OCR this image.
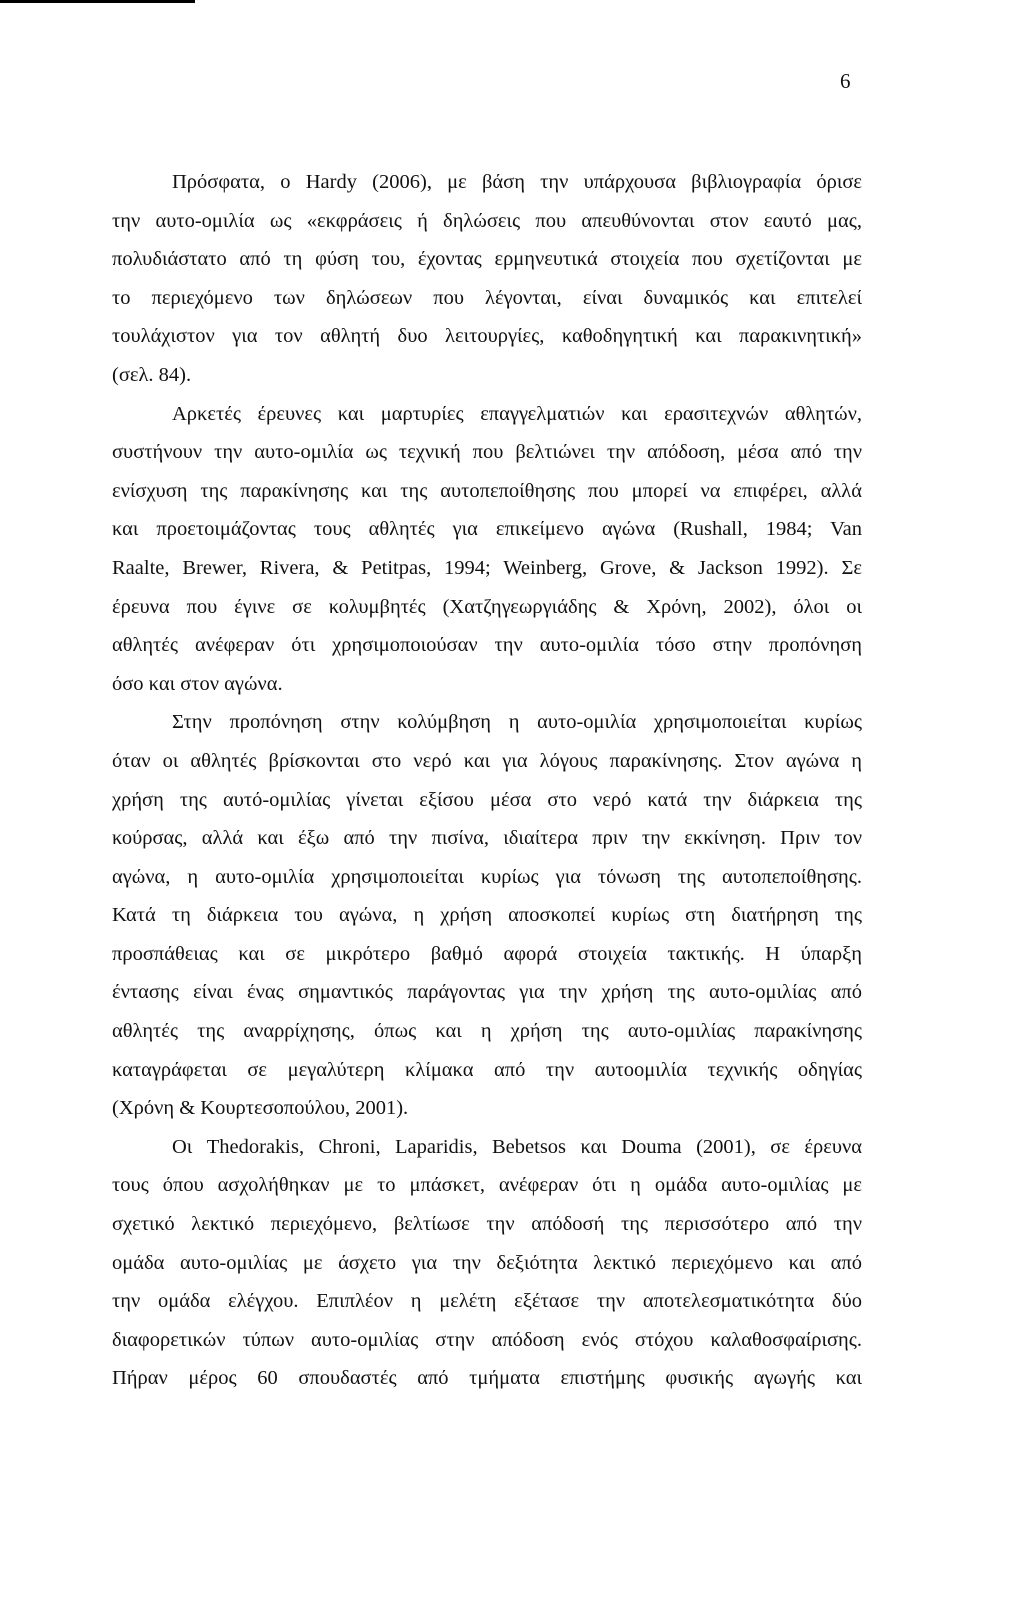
6
Πρόσφατα, ο Hardy (2006), με βάση την υπάρχουσα βιβλιογραφία όρισε
την αυτο-ομιλία ως «εκφράσεις ή δηλώσεις που απευθύνονται στον εαυτό μας,
πολυδιάστατο από τη φύση του, έχοντας ερμηνευτικά στοιχεία που σχετίζονται με
το περιεχόμενο των δηλώσεων που λέγονται, είναι δυναμικός και επιτελεί
τουλάχιστον για τον αθλητή δυο λειτουργίες, καθοδηγητική και παρακινητική»
(σελ. 84).
Αρκετές έρευνες και μαρτυρίες επαγγελματιών και ερασιτεχνών αθλητών,
συστήνουν την αυτο-ομιλία ως τεχνική που βελτιώνει την απόδοση, μέσα από την
ενίσχυση της παρακίνησης και της αυτοπεποίθησης που μπορεί να επιφέρει, αλλά
και προετοιμάζοντας τους αθλητές για επικείμενο αγώνα (Rushall, 1984; Van
Raalte, Brewer, Rivera, & Petitpas, 1994; Weinberg, Grove, & Jackson 1992). Σε
έρευνα που έγινε σε κολυμβητές (Χατζηγεωργιάδης & Χρόνη, 2002), όλοι οι
αθλητές ανέφεραν ότι χρησιμοποιούσαν την αυτο-ομιλία τόσο στην προπόνηση
όσο και στον αγώνα.
Στην προπόνηση στην κολύμβηση η αυτο-ομιλία χρησιμοποιείται κυρίως
όταν οι αθλητές βρίσκονται στο νερό και για λόγους παρακίνησης. Στον αγώνα η
χρήση της αυτό-ομιλίας γίνεται εξίσου μέσα στο νερό κατά την διάρκεια της
κούρσας, αλλά και έξω από την πισίνα, ιδιαίτερα πριν την εκκίνηση. Πριν τον
αγώνα, η αυτο-ομιλία χρησιμοποιείται κυρίως για τόνωση της αυτοπεποίθησης.
Κατά τη διάρκεια του αγώνα, η χρήση αποσκοπεί κυρίως στη διατήρηση της
προσπάθειας και σε μικρότερο βαθμό αφορά στοιχεία τακτικής. Η ύπαρξη
έντασης είναι ένας σημαντικός παράγοντας για την χρήση της αυτο-ομιλίας από
αθλητές της αναρρίχησης, όπως και η χρήση της αυτο-ομιλίας παρακίνησης
καταγράφεται σε μεγαλύτερη κλίμακα από την αυτοομιλία τεχνικής οδηγίας
(Χρόνη & Κουρτεσοπούλου, 2001).
Οι Thedorakis, Chroni, Laparidis, Bebetsos και Douma (2001), σε έρευνα
τους όπου ασχολήθηκαν με το μπάσκετ, ανέφεραν ότι η ομάδα αυτο-ομιλίας με
σχετικό λεκτικό περιεχόμενο, βελτίωσε την απόδοσή της περισσότερο από την
ομάδα αυτο-ομιλίας με άσχετο για την δεξιότητα λεκτικό περιεχόμενο και από
την ομάδα ελέγχου. Επιπλέον η μελέτη εξέτασε την αποτελεσματικότητα δύο
διαφορετικών τύπων αυτο-ομιλίας στην απόδοση ενός στόχου καλαθοσφαίρισης.
Πήραν μέρος 60 σπουδαστές από τμήματα επιστήμης φυσικής αγωγής και
